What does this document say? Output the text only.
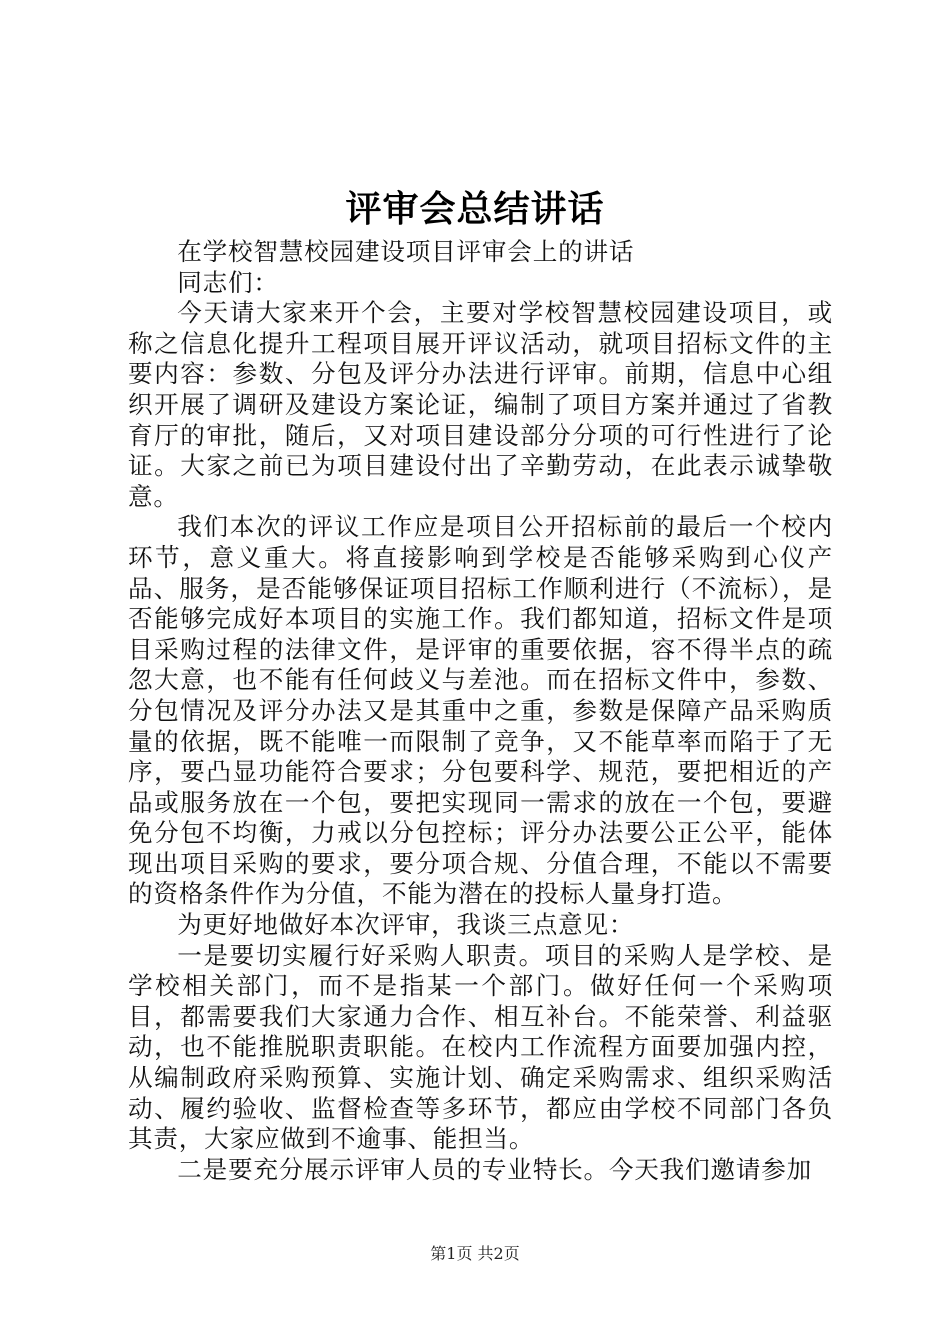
评审会总结讲话

在学校智慧校园建设项目评审会上的讲话

同志们：

今天请大家来开个会，主要对学校智慧校园建设项目，或称之信息化提升工程项目展开评议活动，就项目招标文件的主要内容：参数、分包及评分办法进行评审。前期，信息中心组织开展了调研及建设方案论证，编制了项目方案并通过了省教育厅的审批，随后，又对项目建设部分分项的可行性进行了论证。大家之前已为项目建设付出了辛勤劳动，在此表示诚挚敬意。

我们本次的评议工作应是项目公开招标前的最后一个校内环节，意义重大。将直接影响到学校是否能够采购到心仪产品、服务，是否能够保证项目招标工作顺利进行（不流标），是否能够完成好本项目的实施工作。我们都知道，招标文件是项目采购过程的法律文件，是评审的重要依据，容不得半点的疏忽大意，也不能有任何歧义与差池。而在招标文件中，参数、分包情况及评分办法又是其重中之重，参数是保障产品采购质量的依据，既不能唯一而限制了竞争，又不能草率而陷于了无序，要凸显功能符合要求；分包要科学、规范，要把相近的产品或服务放在一个包，要把实现同一需求的放在一个包，要避免分包不均衡，力戒以分包控标；评分办法要公正公平，能体现出项目采购的要求，要分项合规、分值合理，不能以不需要的资格条件作为分值，不能为潜在的投标人量身打造。

为更好地做好本次评审，我谈三点意见：

一是要切实履行好采购人职责。项目的采购人是学校、是学校相关部门，而不是指某一个部门。做好任何一个采购项目，都需要我们大家通力合作、相互补台。不能荣誉、利益驱动，也不能推脱职责职能。在校内工作流程方面要加强内控，从编制政府采购预算、实施计划、确定采购需求、组织采购活动、履约验收、监督检查等多环节，都应由学校不同部门各负其责，大家应做到不逾事、能担当。

二是要充分展示评审人员的专业特长。今天我们邀请参加

第1页 共2页
